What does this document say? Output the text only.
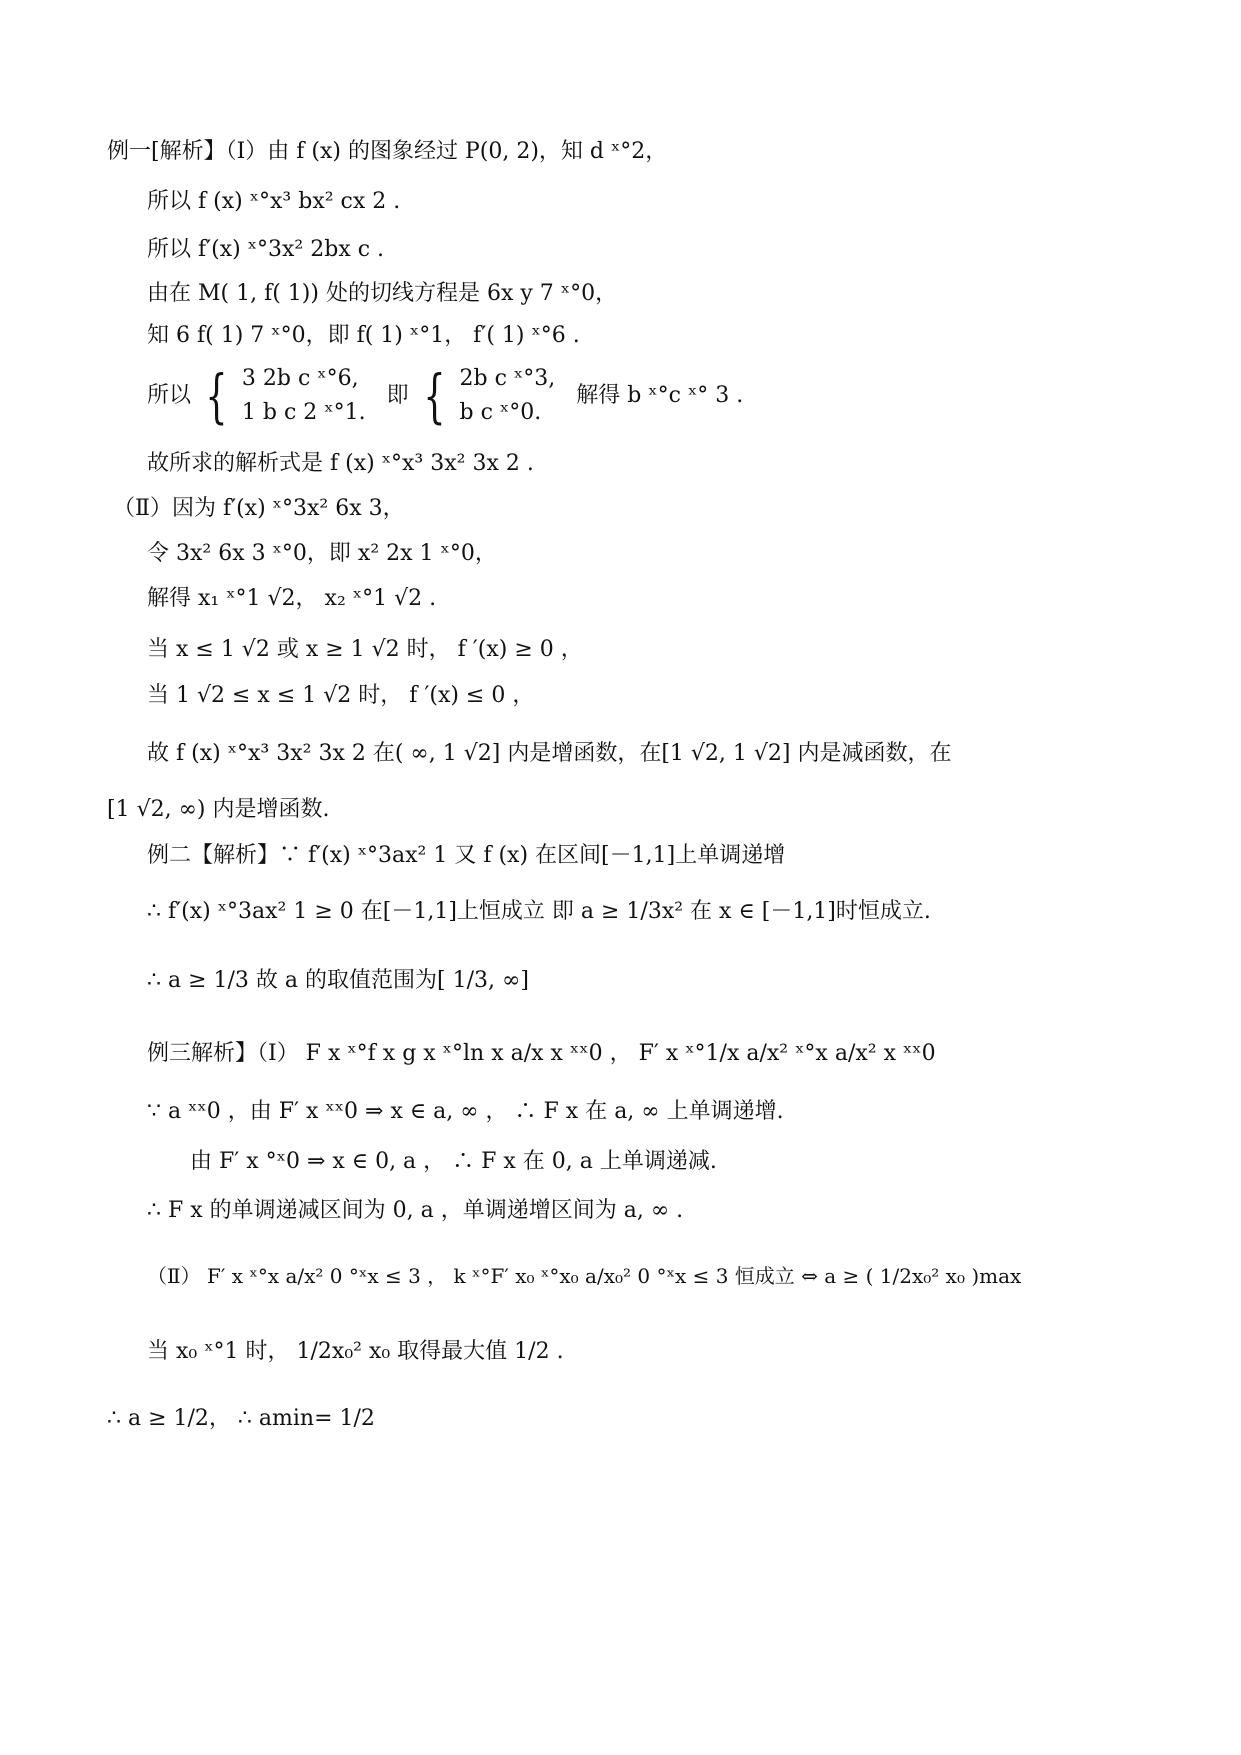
例一[解析】（Ⅰ）由 f (x) 的图象经过 P(0, 2)，知 d ˣ°2，
所以 f (x) ˣ°x³ bx² cx 2 .
所以 f′(x) ˣ°3x² 2bx c .
由在 M( 1, f( 1)) 处的切线方程是 6x y 7 ˣ°0，
知 6 f( 1) 7 ˣ°0，即 f( 1) ˣ°1， f′( 1) ˣ°6 .
所以 { 3 2b c ˣ°6,
1 b c 2 ˣ°1.
即 { 2b c ˣ°3,
b c ˣ°0.
解得 b ˣ°c ˣ° 3 .
故所求的解析式是 f (x) ˣ°x³ 3x² 3x 2 .
（Ⅱ）因为 f′(x) ˣ°3x² 6x 3，
令 3x² 6x 3 ˣ°0，即 x² 2x 1 ˣ°0，
解得 x₁ ˣ°1 √2， x₂ ˣ°1 √2 .
当 x ≤ 1 √2 或 x ≥ 1 √2 时， f ′(x) ≥ 0 ，
当 1 √2 ≤ x ≤ 1 √2 时， f ′(x) ≤ 0 ，
故 f (x) ˣ°x³ 3x² 3x 2 在( ∞, 1 √2] 内是增函数，在[1 √2, 1 √2] 内是减函数，在
[1 √2, ∞) 内是增函数.
例二【解析】∵ f′(x) ˣ°3ax² 1 又 f (x) 在区间[－1,1]上单调递增
∴ f′(x) ˣ°3ax² 1 ≥ 0 在[－1,1]上恒成立 即 a ≥ 1/3x² 在 x ∈ [－1,1]时恒成立.
∴ a ≥ 1/3 故 a 的取值范围为[ 1/3, ∞]
例三解析】（Ⅰ） F x ˣ°f x g x ˣ°ln x a/x x ˣˣ0 ， F′ x ˣ°1/x a/x² ˣ°x a/x² x ˣˣ0
∵ a ˣˣ0 ，由 F′ x ˣˣ0 ⇒ x ∈ a, ∞ ， ∴ F x 在 a, ∞ 上单调递增.
由 F′ x °ˣ0 ⇒ x ∈ 0, a ， ∴ F x 在 0, a 上单调递减.
∴ F x 的单调递减区间为 0, a ，单调递增区间为 a, ∞ .
（Ⅱ） F′ x ˣ°x a/x² 0 °ˣx ≤ 3 ， k ˣ°F′ x₀ ˣ°x₀ a/x₀² 0 °ˣx ≤ 3 恒成立 ⇔ a ≥ ( 1/2x₀² x₀ )max
当 x₀ ˣ°1 时， 1/2x₀² x₀ 取得最大值 1/2 .
∴ a ≥ 1/2， ∴ amin= 1/2
